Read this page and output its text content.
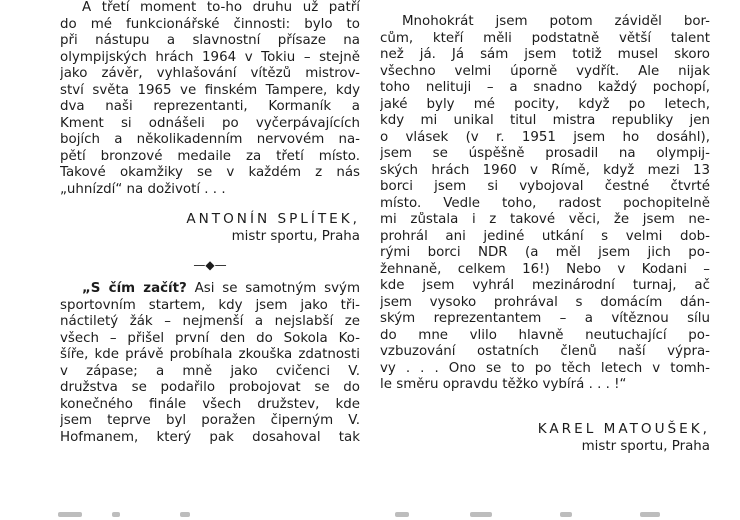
A třetí moment to-ho druhu už patří
do mé funkcionářské činnosti: bylo to
při nástupu a slavnostní přísaze na
olympijských hrách 1964 v Tokiu – stejně
jako závěr, vyhlašování vítězů mistrov-
ství světa 1965 ve finském Tampere, kdy
dva naši reprezentanti, Kormaník a
Kment si odnášeli po vyčerpávajících
bojích a několikadenním nervovém na-
pětí bronzové medaile za třetí místo.
Takové okamžiky se v každém z nás
„uhnízdí“ na doživotí . . .
ANTONÍN SPLÍTEK,
mistr sportu, Praha
—◆—
„S čím začít? Asi se samotným svým
sportovním startem, kdy jsem jako tři-
náctiletý žák – nejmenší a nejslabší ze
všech – přišel první den do Sokola Ko-
šíře, kde právě probíhala zkouška zdatnosti
v zápase; a mně jako cvičenci V.
družstva se podařilo probojovat se do
konečného finále všech družstev, kde
jsem teprve byl poražen čiperným V.
Hofmanem, který pak dosahoval tak
Mnohokrát jsem potom záviděl bor-
cům, kteří měli podstatně větší talent
než já. Já sám jsem totiž musel skoro
všechno velmi úporně vydřít. Ale nijak
toho nelituji – a snadno každý pochopí,
jaké byly mé pocity, když po letech,
kdy mi unikal titul mistra republiky jen
o vlásek (v r. 1951 jsem ho dosáhl),
jsem se úspěšně prosadil na olympij-
ských hrách 1960 v Římě, když mezi 13
borci jsem si vybojoval čestné čtvrté
místo. Vedle toho, radost pochopitelně
mi zůstala i z takové věci, že jsem ne-
prohrál ani jediné utkání s velmi dob-
rými borci NDR (a měl jsem jich po-
žehnaně, celkem 16!) Nebo v Kodani –
kde jsem vyhrál mezinárodní turnaj, ač
jsem vysoko prohrával s domácím dán-
ským reprezentantem – a vítěznou sílu
do mne vlilo hlavně neutuchající po-
vzbuzování ostatních členů naší výprа-
vy . . . Ono se to po těch letech v tomh-
le směru opravdu těžko vybírá . . . !“
KAREL MATOUŠEK,
mistr sportu, Praha
